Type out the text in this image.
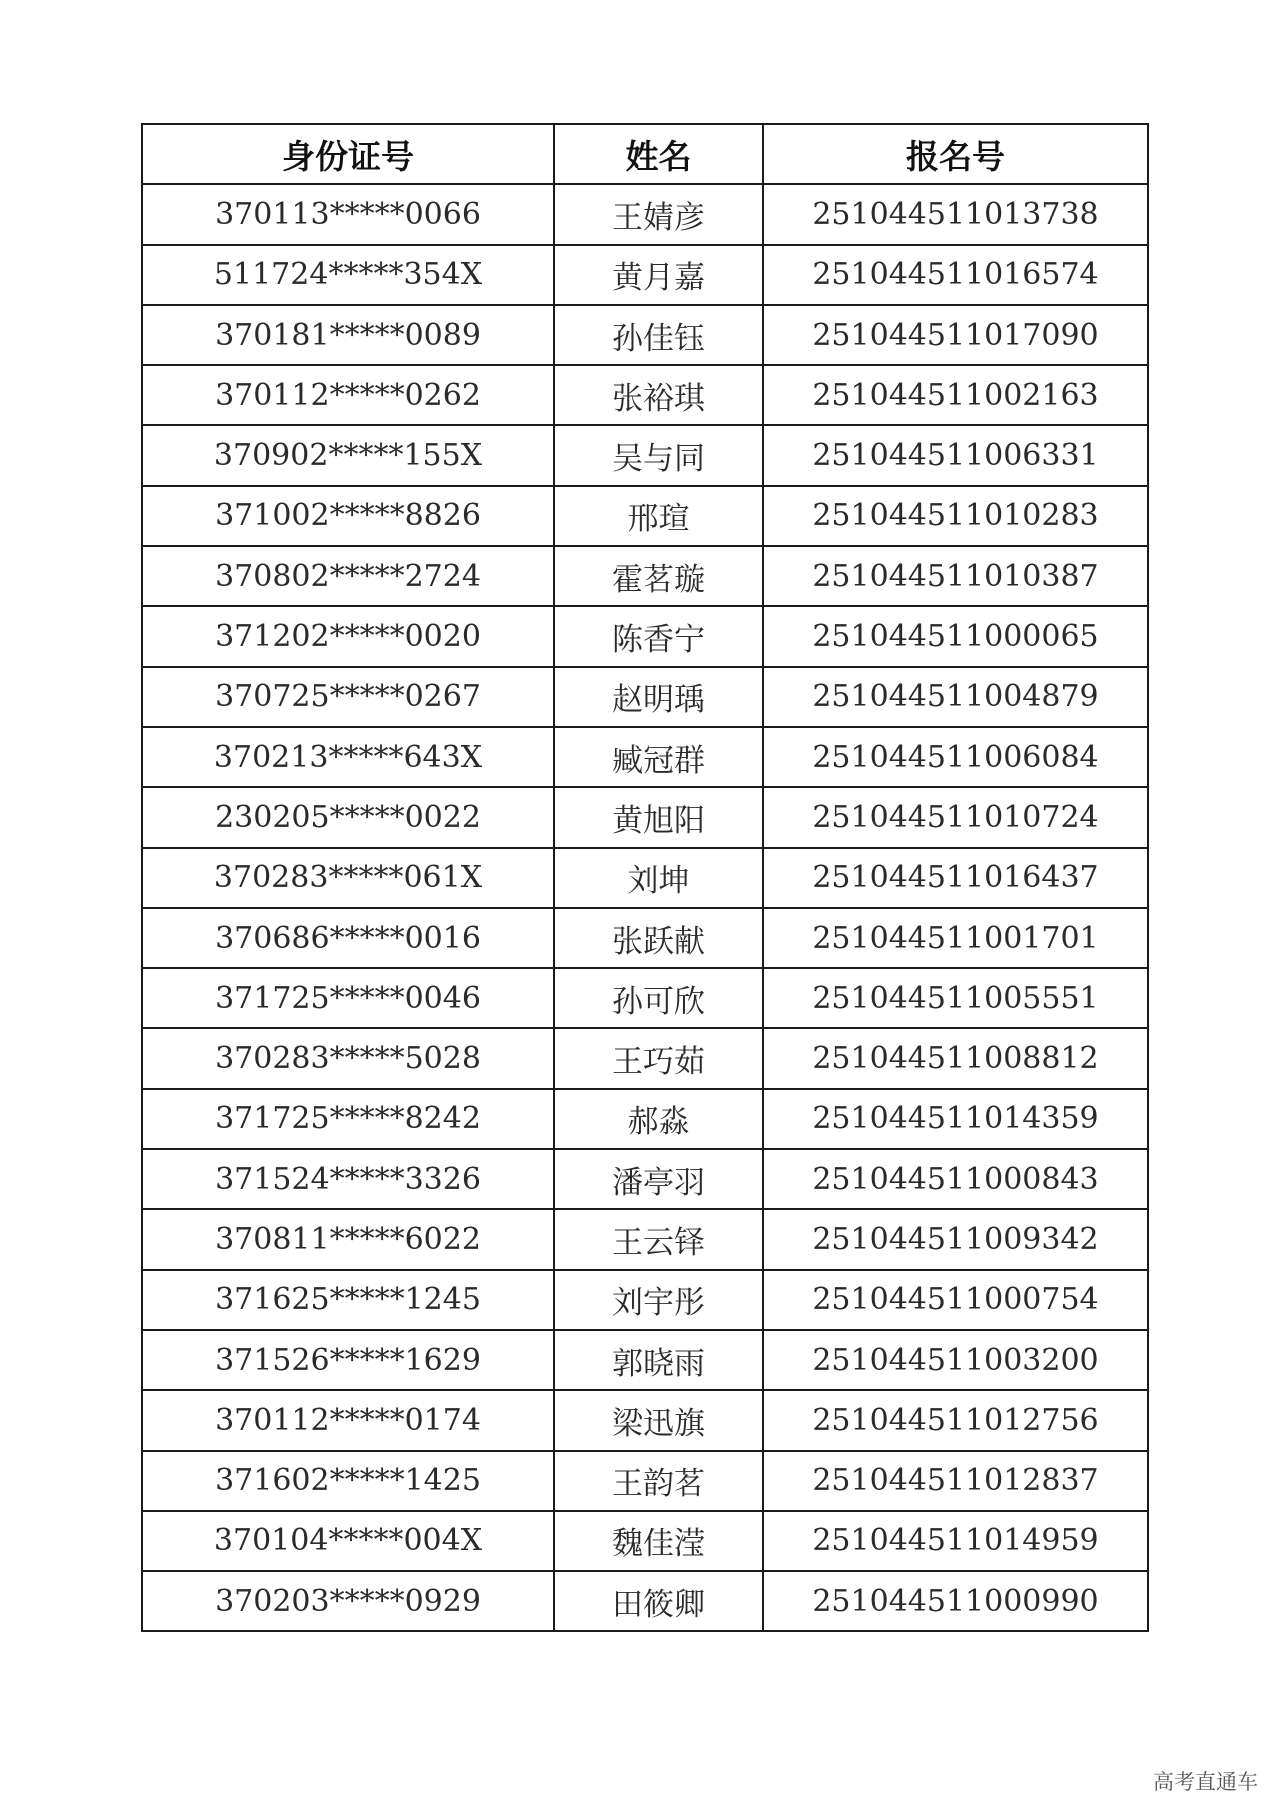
身份证号	姓名	报名号
370113*****0066	王婧彦	251044511013738
511724*****354X	黄月嘉	251044511016574
370181*****0089	孙佳钰	251044511017090
370112*****0262	张裕琪	251044511002163
370902*****155X	吴与同	251044511006331
371002*****8826	邢瑄	251044511010283
370802*****2724	霍茗璇	251044511010387
371202*****0020	陈香宁	251044511000065
370725*****0267	赵明瑀	251044511004879
370213*****643X	臧冠群	251044511006084
230205*****0022	黄旭阳	251044511010724
370283*****061X	刘坤	251044511016437
370686*****0016	张跃献	251044511001701
371725*****0046	孙可欣	251044511005551
370283*****5028	王巧茹	251044511008812
371725*****8242	郝淼	251044511014359
371524*****3326	潘亭羽	251044511000843
370811*****6022	王云铎	251044511009342
371625*****1245	刘宇彤	251044511000754
371526*****1629	郭晓雨	251044511003200
370112*****0174	梁迅旗	251044511012756
371602*****1425	王韵茗	251044511012837
370104*****004X	魏佳滢	251044511014959
370203*****0929	田筱卿	251044511000990
高考直通车
